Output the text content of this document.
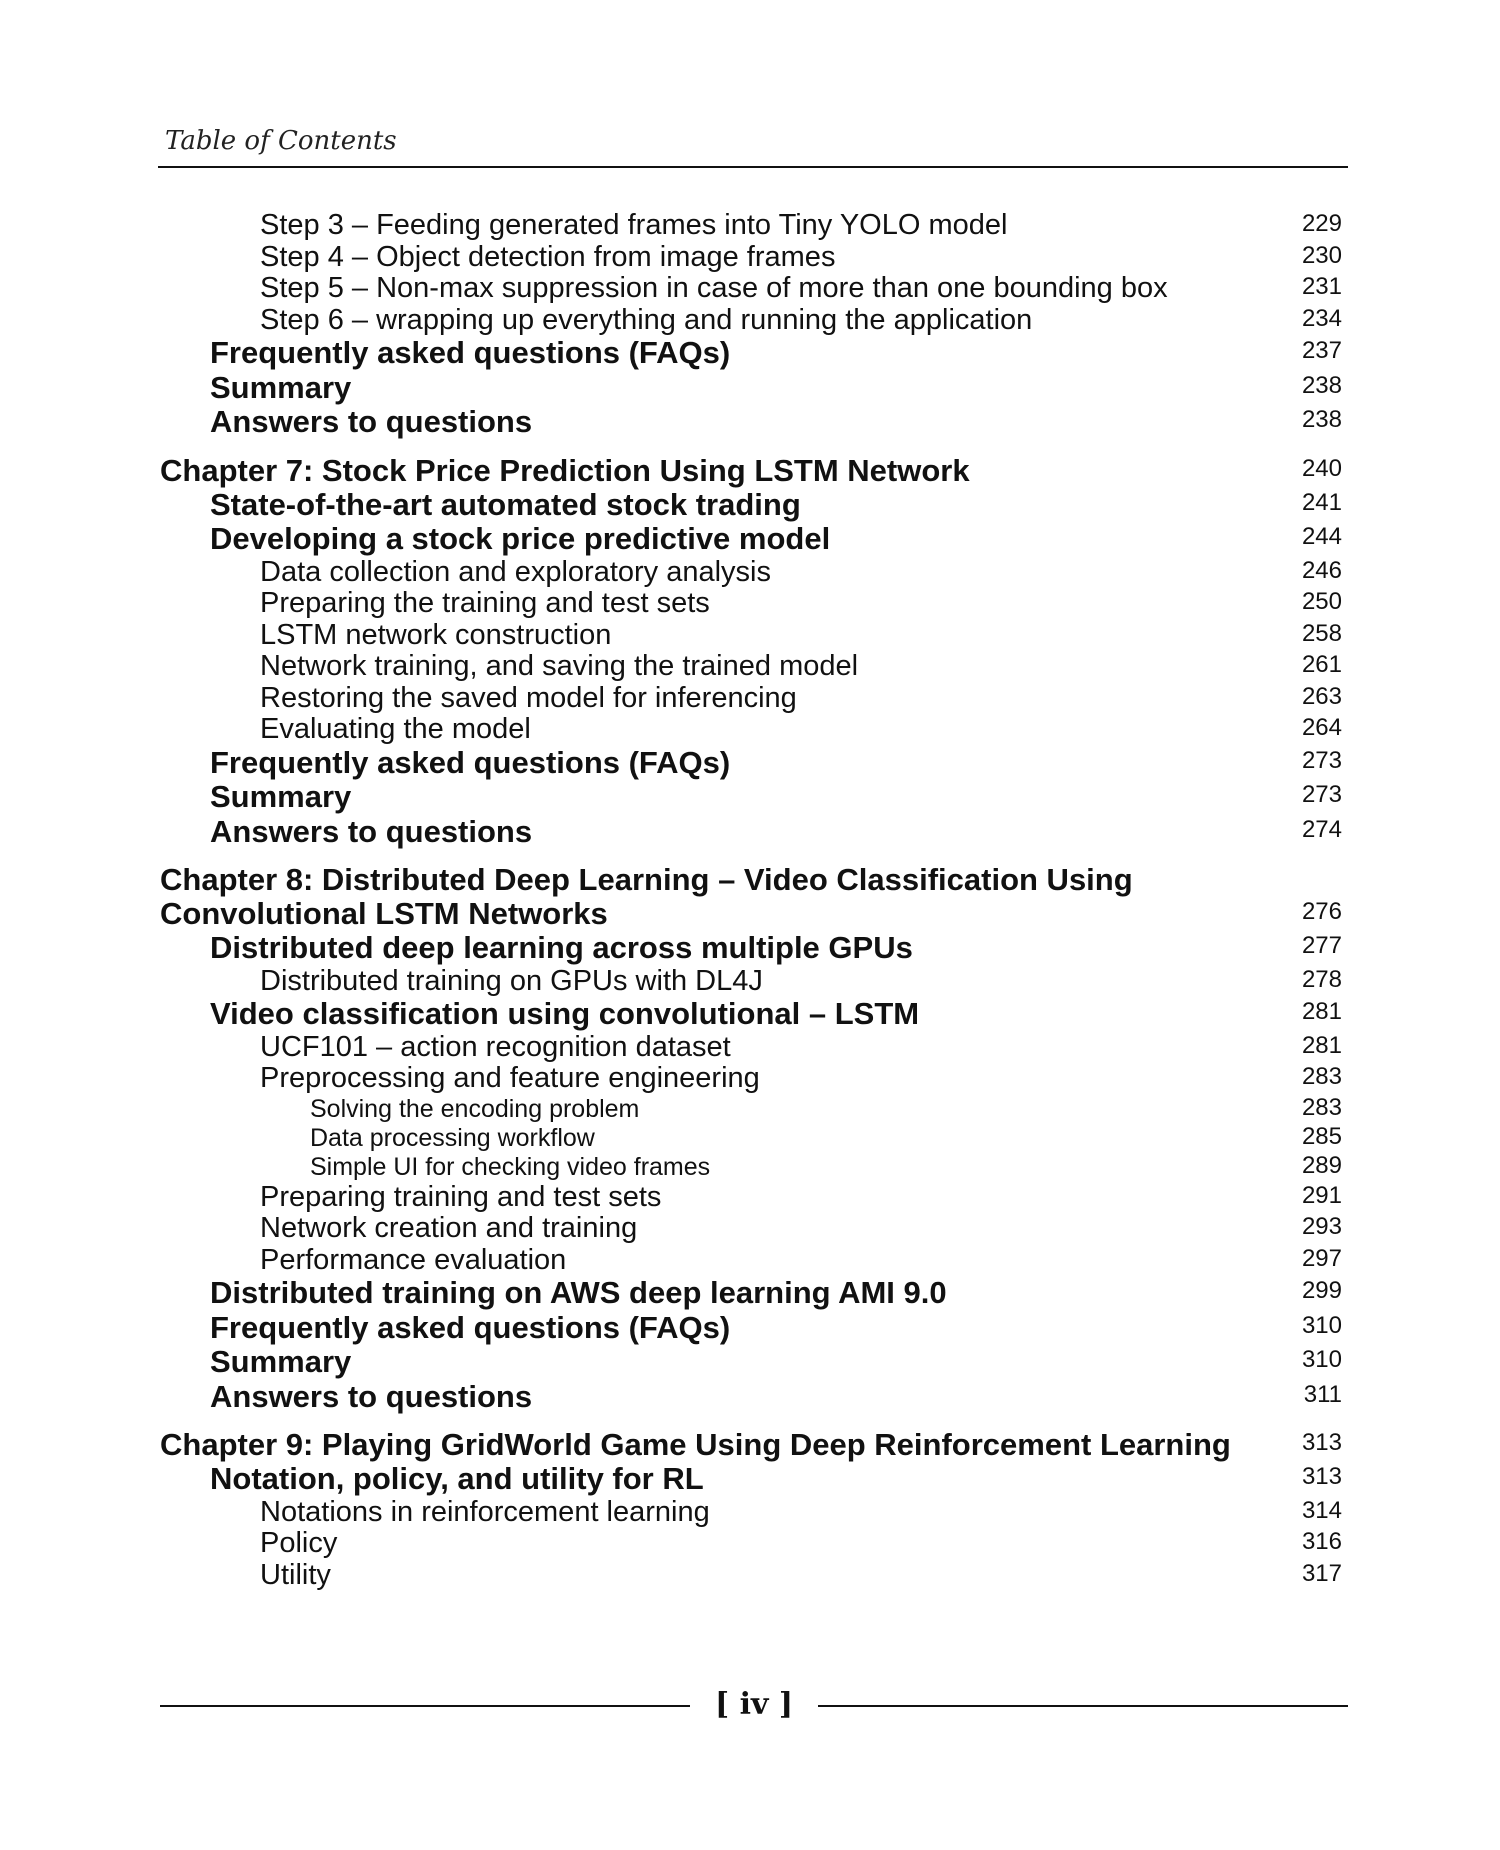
Table of Contents
Step 3 – Feeding generated frames into Tiny YOLO model	229
Step 4 – Object detection from image frames	230
Step 5 – Non-max suppression in case of more than one bounding box	231
Step 6 – wrapping up everything and running the application	234
Frequently asked questions (FAQs)	237
Summary	238
Answers to questions	238
Chapter 7: Stock Price Prediction Using LSTM Network	240
State-of-the-art automated stock trading	241
Developing a stock price predictive model	244
Data collection and exploratory analysis	246
Preparing the training and test sets	250
LSTM network construction	258
Network training, and saving the trained model	261
Restoring the saved model for inferencing	263
Evaluating the model	264
Frequently asked questions (FAQs)	273
Summary	273
Answers to questions	274
Chapter 8: Distributed Deep Learning – Video Classification Using Convolutional LSTM Networks	276
Distributed deep learning across multiple GPUs	277
Distributed training on GPUs with DL4J	278
Video classification using convolutional – LSTM	281
UCF101 – action recognition dataset	281
Preprocessing and feature engineering	283
Solving the encoding problem	283
Data processing workflow	285
Simple UI for checking video frames	289
Preparing training and test sets	291
Network creation and training	293
Performance evaluation	297
Distributed training on AWS deep learning AMI 9.0	299
Frequently asked questions (FAQs)	310
Summary	310
Answers to questions	311
Chapter 9: Playing GridWorld Game Using Deep Reinforcement Learning	313
Notation, policy, and utility for RL	313
Notations in reinforcement learning	314
Policy	316
Utility	317
[ iv ]
